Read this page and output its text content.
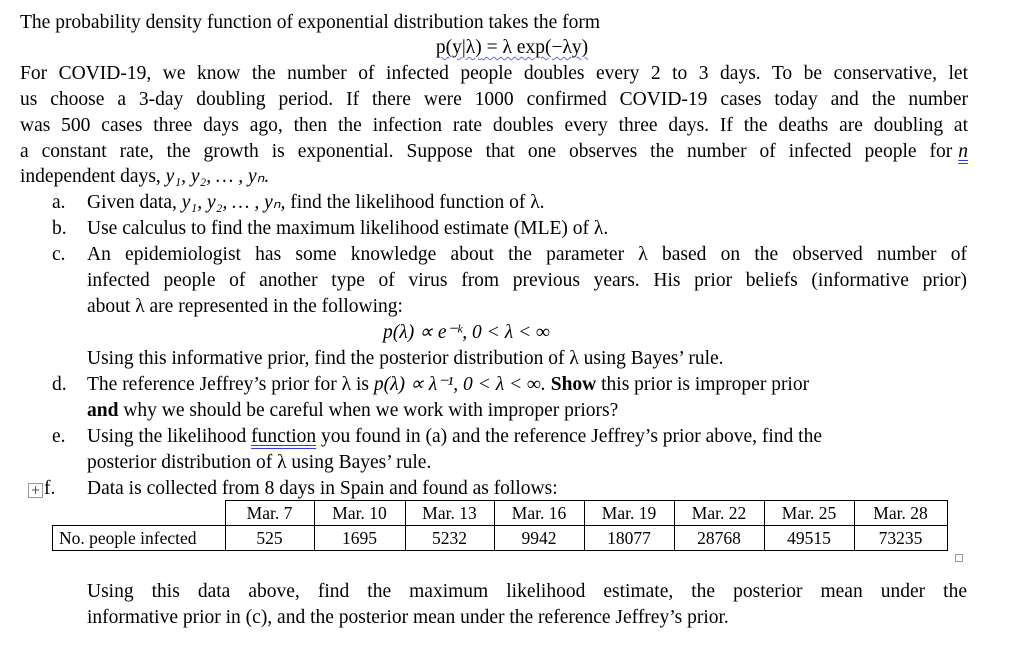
The probability density function of exponential distribution takes the form
p(y|λ) = λ exp(−λy)
For COVID-19, we know the number of infected people doubles every 2 to 3 days. To be conservative, let
us choose a 3-day doubling period. If there were 1000 confirmed COVID-19 cases today and the number
was 500 cases three days ago, then the infection rate doubles every three days. If the deaths are doubling at
a constant rate, the growth is exponential. Suppose that one observes the number of infected people for n
independent days, y₁, y₂, … , yₙ.
a.	Given data, y₁, y₂, … , yₙ, find the likelihood function of λ.
b.	Use calculus to find the maximum likelihood estimate (MLE) of λ.
c.	An epidemiologist has some knowledge about the parameter λ based on the observed number of
infected people of another type of virus from previous years. His prior beliefs (informative prior)
about λ are represented in the following:
p(λ) ∝ e⁻ᵏ, 0 < λ < ∞
Using this informative prior, find the posterior distribution of λ using Bayes’ rule.
d.	The reference Jeffrey’s prior for λ is p(λ) ∝ λ⁻¹, 0 < λ < ∞. Show this prior is improper prior
and why we should be careful when we work with improper priors?
e.	Using the likelihood function you found in (a) and the reference Jeffrey’s prior above, find the
posterior distribution of λ using Bayes’ rule.
+ f.	Data is collected from 8 days in Spain and found as follows:
	Mar. 7	Mar. 10	Mar. 13	Mar. 16	Mar. 19	Mar. 22	Mar. 25	Mar. 28
No. people infected	525	1695	5232	9942	18077	28768	49515	73235
Using this data above, find the maximum likelihood estimate, the posterior mean under the
informative prior in (c), and the posterior mean under the reference Jeffrey’s prior.
